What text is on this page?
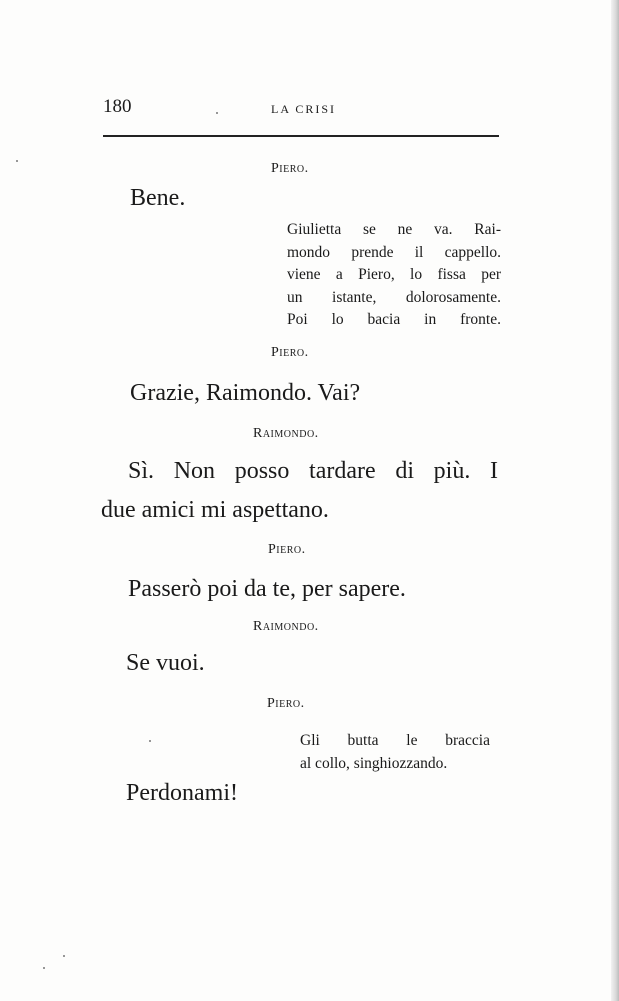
180	LA CRISI
Piero.
Bene.
Giulietta se ne va. Rai-
mondo prende il cappello.
viene a Piero, lo fissa per
un istante, dolorosamente.
Poi lo bacia in fronte.
Piero.
Grazie, Raimondo. Vai?
Raimondo.
Sì. Non posso tardare di più. I
due amici mi aspettano.
Piero.
Passerò poi da te, per sapere.
Raimondo.
Se vuoi.
Piero.
Gli butta le braccia
al collo, singhiozzando.
Perdonami!
